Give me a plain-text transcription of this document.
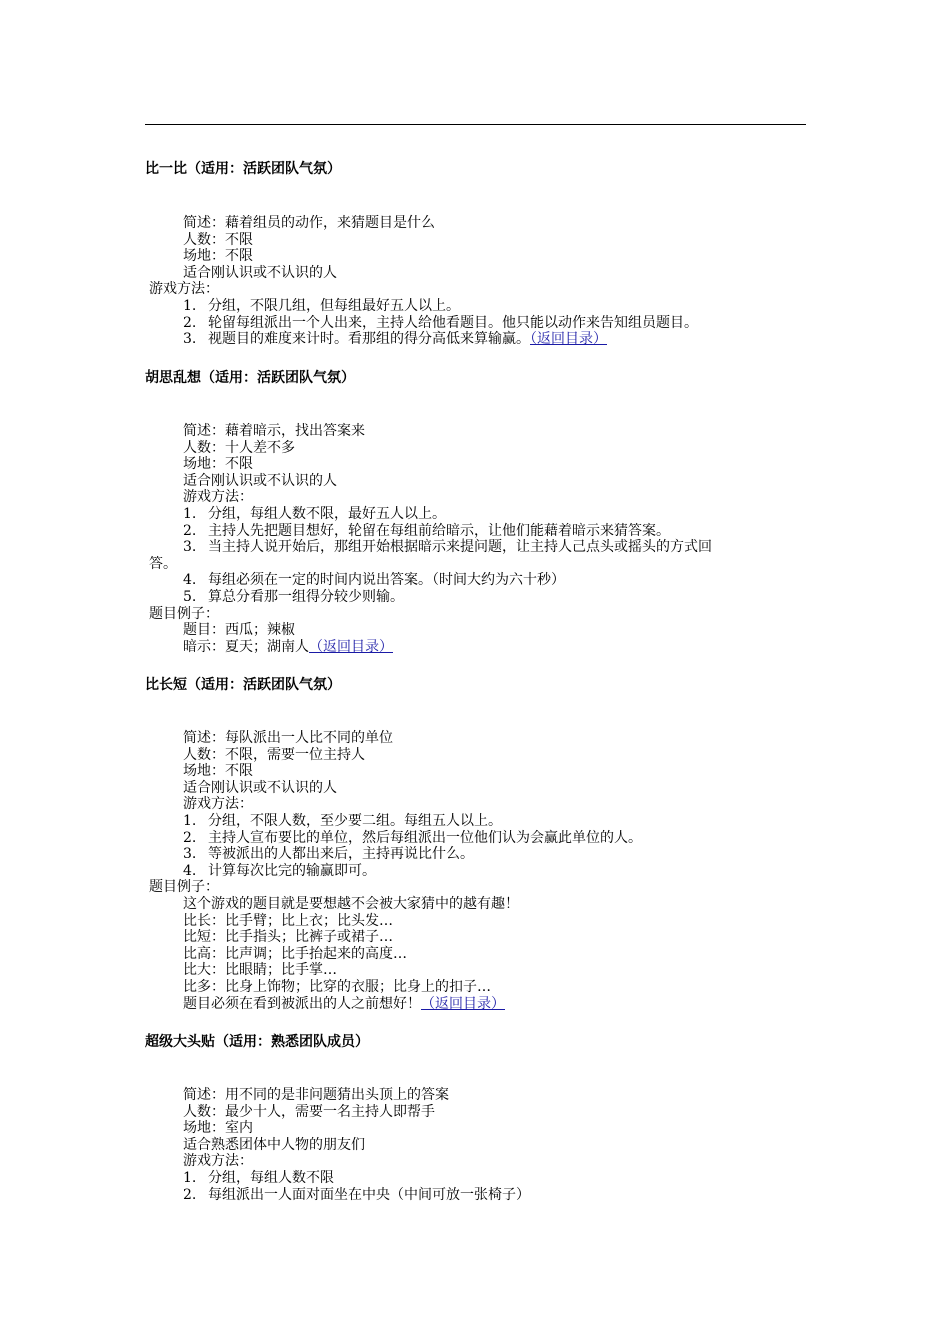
比一比（适用：活跃团队气氛）
简述：藉着组员的动作，来猜题目是什么
人数：不限
场地：不限
适合刚认识或不认识的人
游戏方法：
1. 分组，不限几组，但每组最好五人以上。
2. 轮留每组派出一个人出来，主持人给他看题目。他只能以动作来告知组员题目。
3. 视题目的难度来计时。看那组的得分高低来算输赢。（返回目录）
胡思乱想（适用：活跃团队气氛）
简述：藉着暗示，找出答案来
人数：十人差不多
场地：不限
适合刚认识或不认识的人
游戏方法：
1. 分组，每组人数不限，最好五人以上。
2. 主持人先把题目想好，轮留在每组前给暗示，让他们能藉着暗示来猜答案。
3. 当主持人说开始后，那组开始根据暗示来提问题，让主持人己点头或摇头的方式回
答。
4. 每组必须在一定的时间内说出答案。（时间大约为六十秒）
5. 算总分看那一组得分较少则输。
题目例子：
题目：西瓜；辣椒
暗示：夏天；湖南人（返回目录）
比长短（适用：活跃团队气氛）
简述：每队派出一人比不同的单位
人数：不限，需要一位主持人
场地：不限
适合刚认识或不认识的人
游戏方法：
1. 分组，不限人数，至少要二组。每组五人以上。
2. 主持人宣布要比的单位，然后每组派出一位他们认为会赢此单位的人。
3. 等被派出的人都出来后，主持再说比什么。
4. 计算每次比完的输赢即可。
题目例子：
这个游戏的题目就是要想越不会被大家猜中的越有趣！
比长：比手臂；比上衣；比头发…
比短：比手指头；比裤子或裙子…
比高：比声调；比手抬起来的高度…
比大：比眼睛；比手掌…
比多：比身上饰物；比穿的衣服；比身上的扣子…
题目必须在看到被派出的人之前想好！（返回目录）
超级大头贴（适用：熟悉团队成员）
简述：用不同的是非问题猜出头顶上的答案
人数：最少十人，需要一名主持人即帮手
场地：室内
适合熟悉团体中人物的朋友们
游戏方法：
1. 分组，每组人数不限
2. 每组派出一人面对面坐在中央（中间可放一张椅子）
